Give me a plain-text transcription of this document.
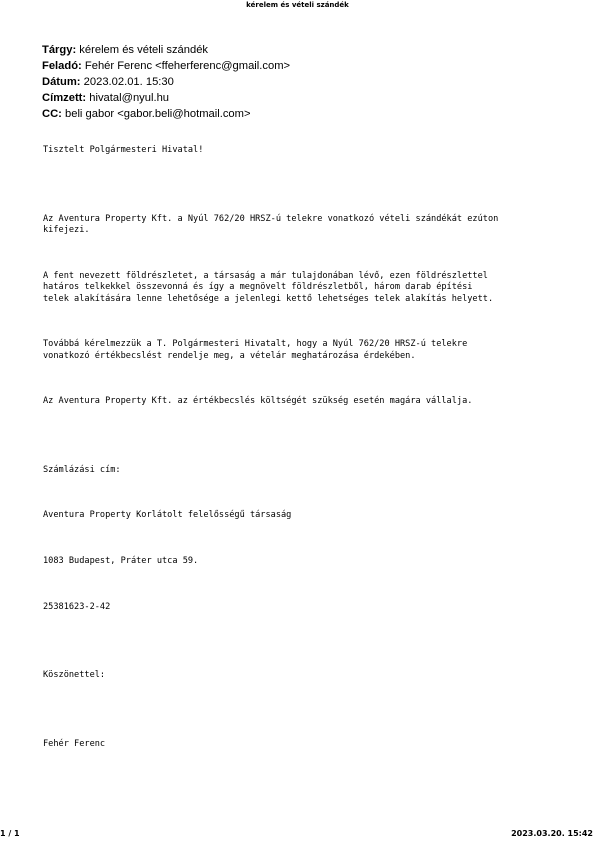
kérelem és vételi szándék
Tárgy: kérelem és vételi szándék
Feladó: Fehér Ferenc <ffeherferenc@gmail.com>
Dátum: 2023.02.01. 15:30
Címzett: hivatal@nyul.hu
CC: beli gabor <gabor.beli@hotmail.com>

Tisztelt Polgármesteri Hivatal!

Az Aventura Property Kft. a Nyúl 762/20 HRSZ-ú telekre vonatkozó vételi szándékát ezúton
kifejezi.

A fent nevezett földrészletet, a társaság a már tulajdonában lévő, ezen földrészlettel
határos telkekkel összevonná és így a megnövelt földrészletből, három darab építési
telek alakítására lenne lehetősége a jelenlegi kettő lehetséges telek alakítás helyett.

Továbbá kérelmezzük a T. Polgármesteri Hivatalt, hogy a Nyúl 762/20 HRSZ-ú telekre
vonatkozó értékbecslést rendelje meg, a vételár meghatározása érdekében.

Az Aventura Property Kft. az értékbecslés költségét szükség esetén magára vállalja.

Számlázási cím:

Aventura Property Korlátolt felelősségű társaság

1083 Budapest, Práter utca 59.

25381623-2-42

Köszönettel:

Fehér Ferenc

1 / 1	2023.03.20. 15:42
